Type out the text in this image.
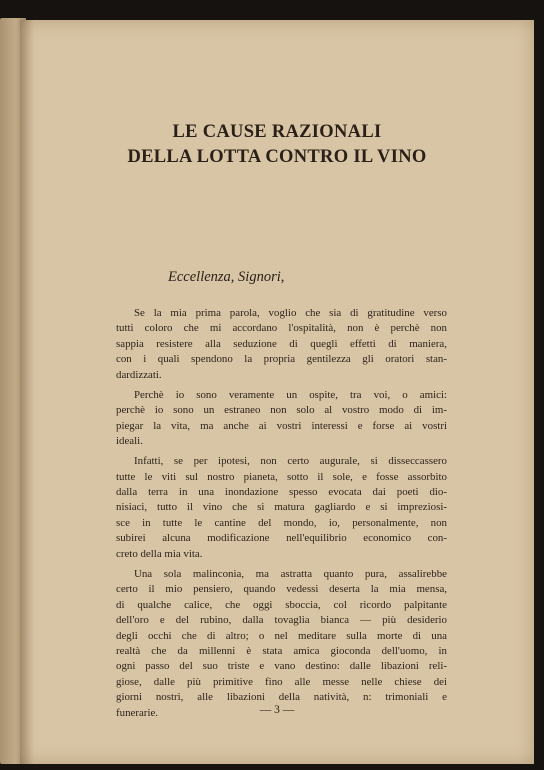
LE CAUSE RAZIONALI
DELLA LOTTA CONTRO IL VINO

Eccellenza, Signori,

Se la mia prima parola, voglio che sia di gratitudine verso
tutti coloro che mi accordano l'ospitalità, non è perchè non
sappia resistere alla seduzione di quegli effetti di maniera,
con i quali spendono la propria gentilezza gli oratori stan-
dardizzati.

Perchè io sono veramente un ospite, tra voi, o amici:
perchè io sono un estraneo non solo al vostro modo di im-
piegar la vita, ma anche ai vostri interessi e forse ai vostri
ideali.

Infatti, se per ipotesi, non certo augurale, si disseccassero
tutte le viti sul nostro pianeta, sotto il sole, e fosse assorbito
dalla terra in una inondazione spesso evocata dai poeti dio-
nisiaci, tutto il vino che si matura gagliardo e si impreziosi-
sce in tutte le cantine del mondo, io, personalmente, non
subirei alcuna modificazione nell'equilibrio economico con-
creto della mia vita.

Una sola malinconia, ma astratta quanto pura, assalirebbe
certo il mio pensiero, quando vedessi deserta la mia mensa,
di qualche calice, che oggi sboccia, col ricordo palpitante
dell'oro e del rubino, dalla tovaglia bianca — più desiderio
degli occhi che di altro; o nel meditare sulla morte di una
realtà che da millenni è stata amica gioconda dell'uomo, in
ogni passo del suo triste e vano destino: dalle libazioni reli-
giose, dalle più primitive fino alle messe nelle chiese dei
giorni nostri, alle libazioni della natività, n: trimoniali e
funerarie.	— 3 —
